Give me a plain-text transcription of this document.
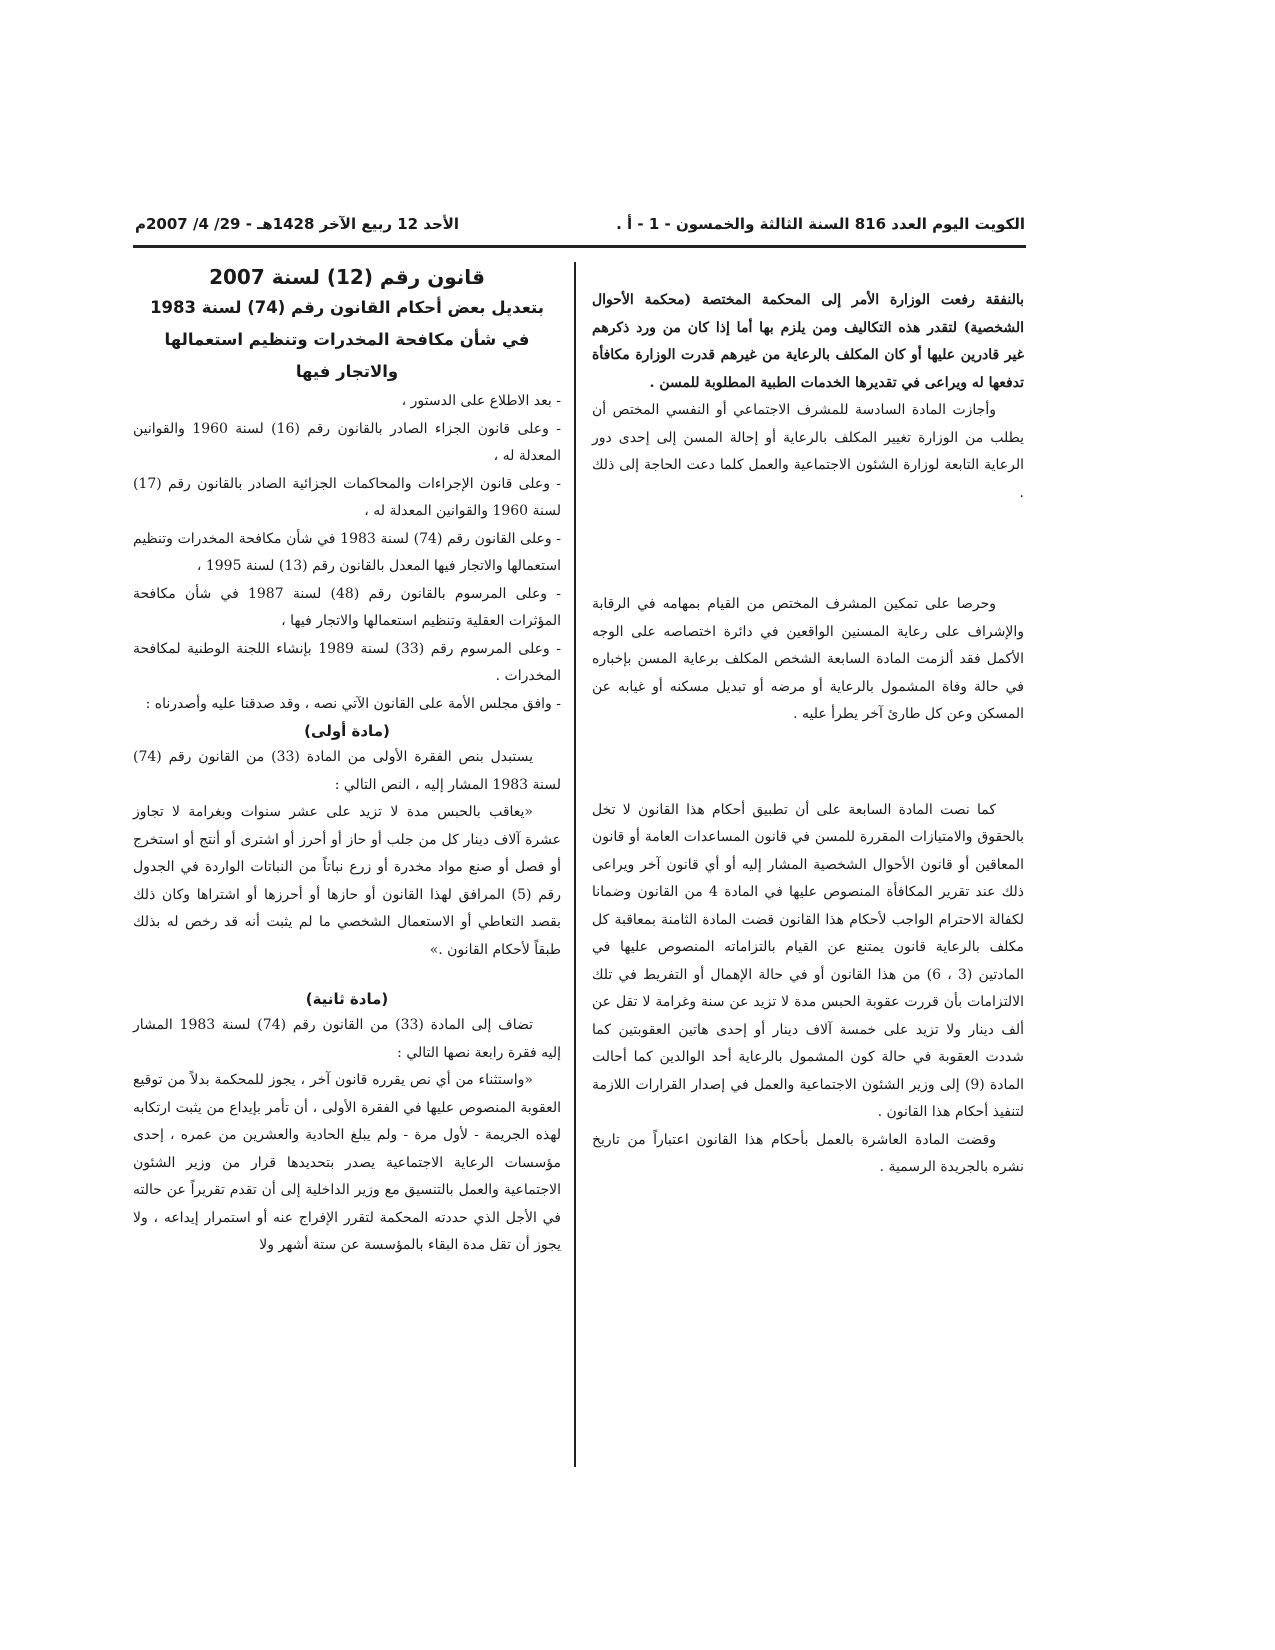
الكويت اليوم العدد 816 السنة الثالثة والخمسون - 1 - أ .
الأحد 12 ربيع الآخر 1428هـ - 29/ 4/ 2007م

بالنفقة رفعت الوزارة الأمر إلى المحكمة المختصة (محكمة الأحوال الشخصية) لتقدر هذه التكاليف ومن يلزم بها أما إذا كان من ورد ذكرهم غير قادرين عليها أو كان المكلف بالرعاية من غيرهم قدرت الوزارة مكافأة تدفعها له ويراعى في تقديرها الخدمات الطبية المطلوبة للمسن .

وأجازت المادة السادسة للمشرف الاجتماعي أو النفسي المختص أن يطلب من الوزارة تغيير المكلف بالرعاية أو إحالة المسن إلى إحدى دور الرعاية التابعة لوزارة الشئون الاجتماعية والعمل كلما دعت الحاجة إلى ذلك .

وحرصا على تمكين المشرف المختص من القيام بمهامه في الرقابة والإشراف على رعاية المسنين الواقعين في دائرة اختصاصه على الوجه الأكمل فقد ألزمت المادة السابعة الشخص المكلف برعاية المسن بإخباره في حالة وفاة المشمول بالرعاية أو مرضه أو تبديل مسكنه أو غيابه عن المسكن وعن كل طارئ آخر يطرأ عليه .

كما نصت المادة السابعة على أن تطبيق أحكام هذا القانون لا تخل بالحقوق والامتيازات المقررة للمسن في قانون المساعدات العامة أو قانون المعاقين أو قانون الأحوال الشخصية المشار إليه أو أي قانون آخر ويراعى ذلك عند تقرير المكافأة المنصوص عليها في المادة 4 من القانون وضمانا لكفالة الاحترام الواجب لأحكام هذا القانون قضت المادة الثامنة بمعاقبة كل مكلف بالرعاية قانون يمتنع عن القيام بالتزاماته المنصوص عليها في المادتين (3 ، 6) من هذا القانون أو في حالة الإهمال أو التفريط في تلك الالتزامات بأن قررت عقوبة الحبس مدة لا تزيد عن سنة وغرامة لا تقل عن ألف دينار ولا تزيد على خمسة آلاف دينار أو إحدى هاتين العقوبتين كما شددت العقوبة في حالة كون المشمول بالرعاية أحد الوالدين كما أحالت المادة (9) إلى وزير الشئون الاجتماعية والعمل في إصدار القرارات اللازمة لتنفيذ أحكام هذا القانون .

وقضت المادة العاشرة بالعمل بأحكام هذا القانون اعتباراً من تاريخ نشره بالجريدة الرسمية .

قانون رقم (12) لسنة 2007
بتعديل بعض أحكام القانون رقم (74) لسنة 1983
في شأن مكافحة المخدرات وتنظيم استعمالها والاتجار فيها

- بعد الاطلاع على الدستور ،

- وعلى قانون الجزاء الصادر بالقانون رقم (16) لسنة 1960 والقوانين المعدلة له ،

- وعلى قانون الإجراءات والمحاكمات الجزائية الصادر بالقانون رقم (17) لسنة 1960 والقوانين المعدلة له ،

- وعلى القانون رقم (74) لسنة 1983 في شأن مكافحة المخدرات وتنظيم استعمالها والاتجار فيها المعدل بالقانون رقم (13) لسنة 1995 ،

- وعلى المرسوم بالقانون رقم (48) لسنة 1987 في شأن مكافحة المؤثرات العقلية وتنظيم استعمالها والاتجار فيها ،

- وعلى المرسوم رقم (33) لسنة 1989 بإنشاء اللجنة الوطنية لمكافحة المخدرات .

- وافق مجلس الأمة على القانون الآتي نصه ، وقد صدقنا عليه وأصدرناه :

(مادة أولى)

يستبدل بنص الفقرة الأولى من المادة (33) من القانون رقم (74) لسنة 1983 المشار إليه ، النص التالي :

«يعاقب بالحبس مدة لا تزيد على عشر سنوات وبغرامة لا تجاوز عشرة آلاف دينار كل من جلب أو حاز أو أحرز أو اشترى أو أنتج أو استخرج أو فصل أو صنع مواد مخدرة أو زرع نباتاً من النباتات الواردة في الجدول رقم (5) المرافق لهذا القانون أو حازها أو أحرزها أو اشتراها وكان ذلك بقصد التعاطي أو الاستعمال الشخصي ما لم يثبت أنه قد رخص له بذلك طبقاً لأحكام القانون .»

(مادة ثانية)

تضاف إلى المادة (33) من القانون رقم (74) لسنة 1983 المشار إليه فقرة رابعة نصها التالي :

«واستثناء من أي نص يقرره قانون آخر ، يجوز للمحكمة بدلاً من توقيع العقوبة المنصوص عليها في الفقرة الأولى ، أن تأمر بإيداع من يثبت ارتكابه لهذه الجريمة - لأول مرة - ولم يبلغ الحادية والعشرين من عمره ، إحدى مؤسسات الرعاية الاجتماعية يصدر بتحديدها قرار من وزير الشئون الاجتماعية والعمل بالتنسيق مع وزير الداخلية إلى أن تقدم تقريراً عن حالته في الأجل الذي حددته المحكمة لتقرر الإفراج عنه أو استمرار إيداعه ، ولا يجوز أن تقل مدة البقاء بالمؤسسة عن ستة أشهر ولا
